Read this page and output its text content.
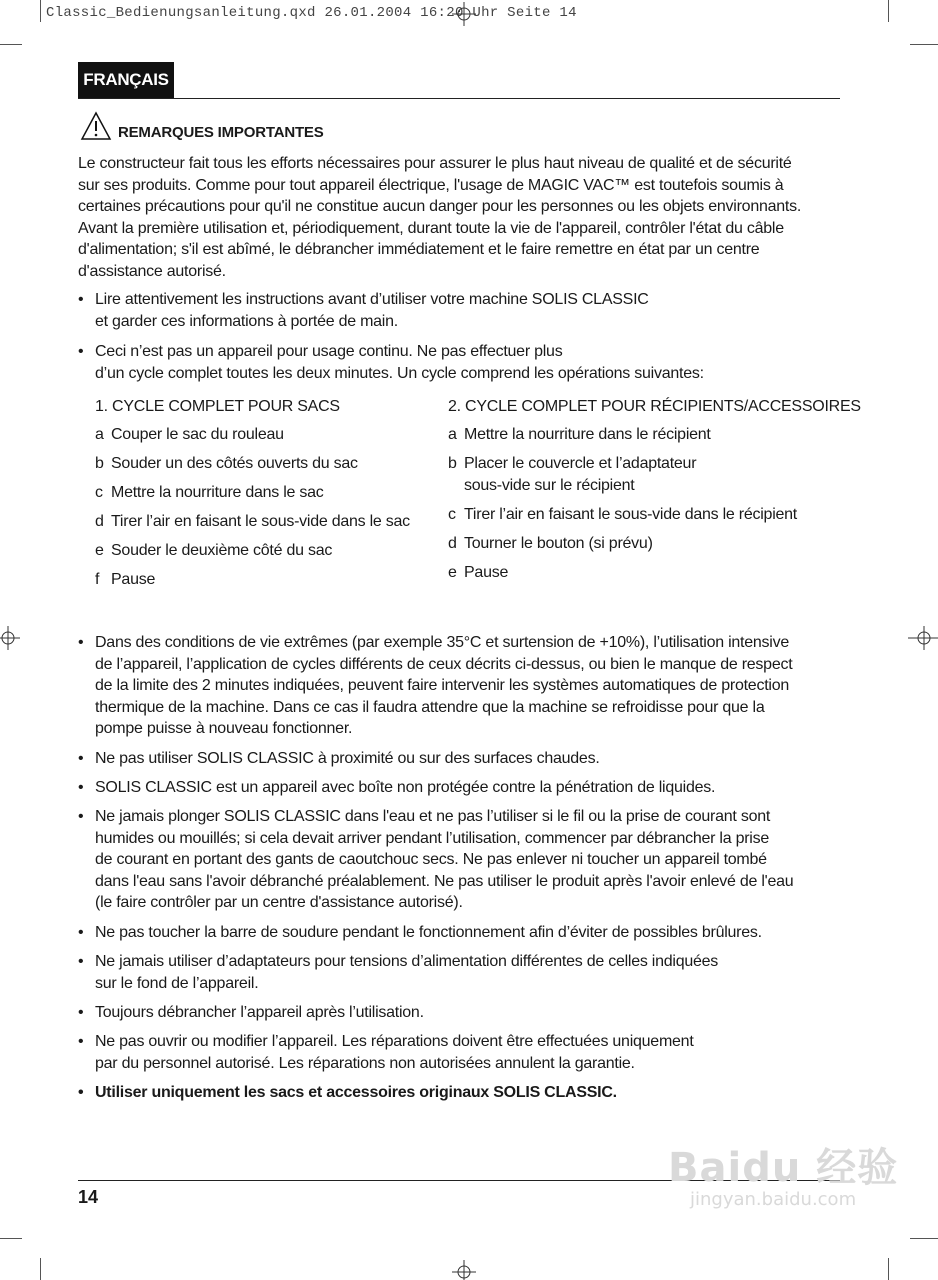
Classic_Bedienungsanleitung.qxd 26.01.2004 16:20 Uhr Seite 14
FRANÇAIS
REMARQUES IMPORTANTES

Le constructeur fait tous les efforts nécessaires pour assurer le plus haut niveau de qualité et de sécurité

sur ses produits. Comme pour tout appareil électrique, l'usage de MAGIC VAC™ est toutefois soumis à

certaines précautions pour qu'il ne constitue aucun danger pour les personnes ou les objets environnants.

Avant la première utilisation et, périodiquement, durant toute la vie de l'appareil, contrôler l'état du câble

d'alimentation; s'il est abîmé, le débrancher immédiatement et le faire remettre en état par un centre

d'assistance autorisé.

• Lire attentivement les instructions avant d’utiliser votre machine SOLIS CLASSIC
et garder ces informations à portée de main.
• Ceci n’est pas un appareil pour usage continu. Ne pas effectuer plus
d’un cycle complet toutes les deux minutes. Un cycle comprend les opérations suivantes:
1. CYCLE COMPLET POUR SACS
a Couper le sac du rouleau
b Souder un des côtés ouverts du sac
c Mettre la nourriture dans le sac
d Tirer l’air en faisant le sous-vide dans le sac
e Souder le deuxième côté du sac
f Pause
2. CYCLE COMPLET POUR RÉCIPIENTS/ACCESSOIRES
a Mettre la nourriture dans le récipient
b Placer le couvercle et l’adaptateur
sous-vide sur le récipient
c Tirer l’air en faisant le sous-vide dans le récipient
d Tourner le bouton (si prévu)
e Pause
• Dans des conditions de vie extrêmes (par exemple 35°C et surtension de +10%), l’utilisation intensive
de l’appareil, l’application de cycles différents de ceux décrits ci-dessus, ou bien le manque de respect
de la limite des 2 minutes indiquées, peuvent faire intervenir les systèmes automatiques de protection
thermique de la machine. Dans ce cas il faudra attendre que la machine se refroidisse pour que la
pompe puisse à nouveau fonctionner.
• Ne pas utiliser SOLIS CLASSIC à proximité ou sur des surfaces chaudes.
• SOLIS CLASSIC est un appareil avec boîte non protégée contre la pénétration de liquides.
• Ne jamais plonger SOLIS CLASSIC dans l'eau et ne pas l’utiliser si le fil ou la prise de courant sont
humides ou mouillés; si cela devait arriver pendant l’utilisation, commencer par débrancher la prise
de courant en portant des gants de caoutchouc secs. Ne pas enlever ni toucher un appareil tombé
dans l'eau sans l'avoir débranché préalablement. Ne pas utiliser le produit après l'avoir enlevé de l'eau
(le faire contrôler par un centre d'assistance autorisé).
• Ne pas toucher la barre de soudure pendant le fonctionnement afin d’éviter de possibles brûlures.
• Ne jamais utiliser d’adaptateurs pour tensions d’alimentation différentes de celles indiquées
sur le fond de l’appareil.
• Toujours débrancher l’appareil après l’utilisation.
• Ne pas ouvrir ou modifier l’appareil. Les réparations doivent être effectuées uniquement
par du personnel autorisé. Les réparations non autorisées annulent la garantie.
• Utiliser uniquement les sacs et accessoires originaux SOLIS CLASSIC.
14
Baidu 经验
jingyan.baidu.com
